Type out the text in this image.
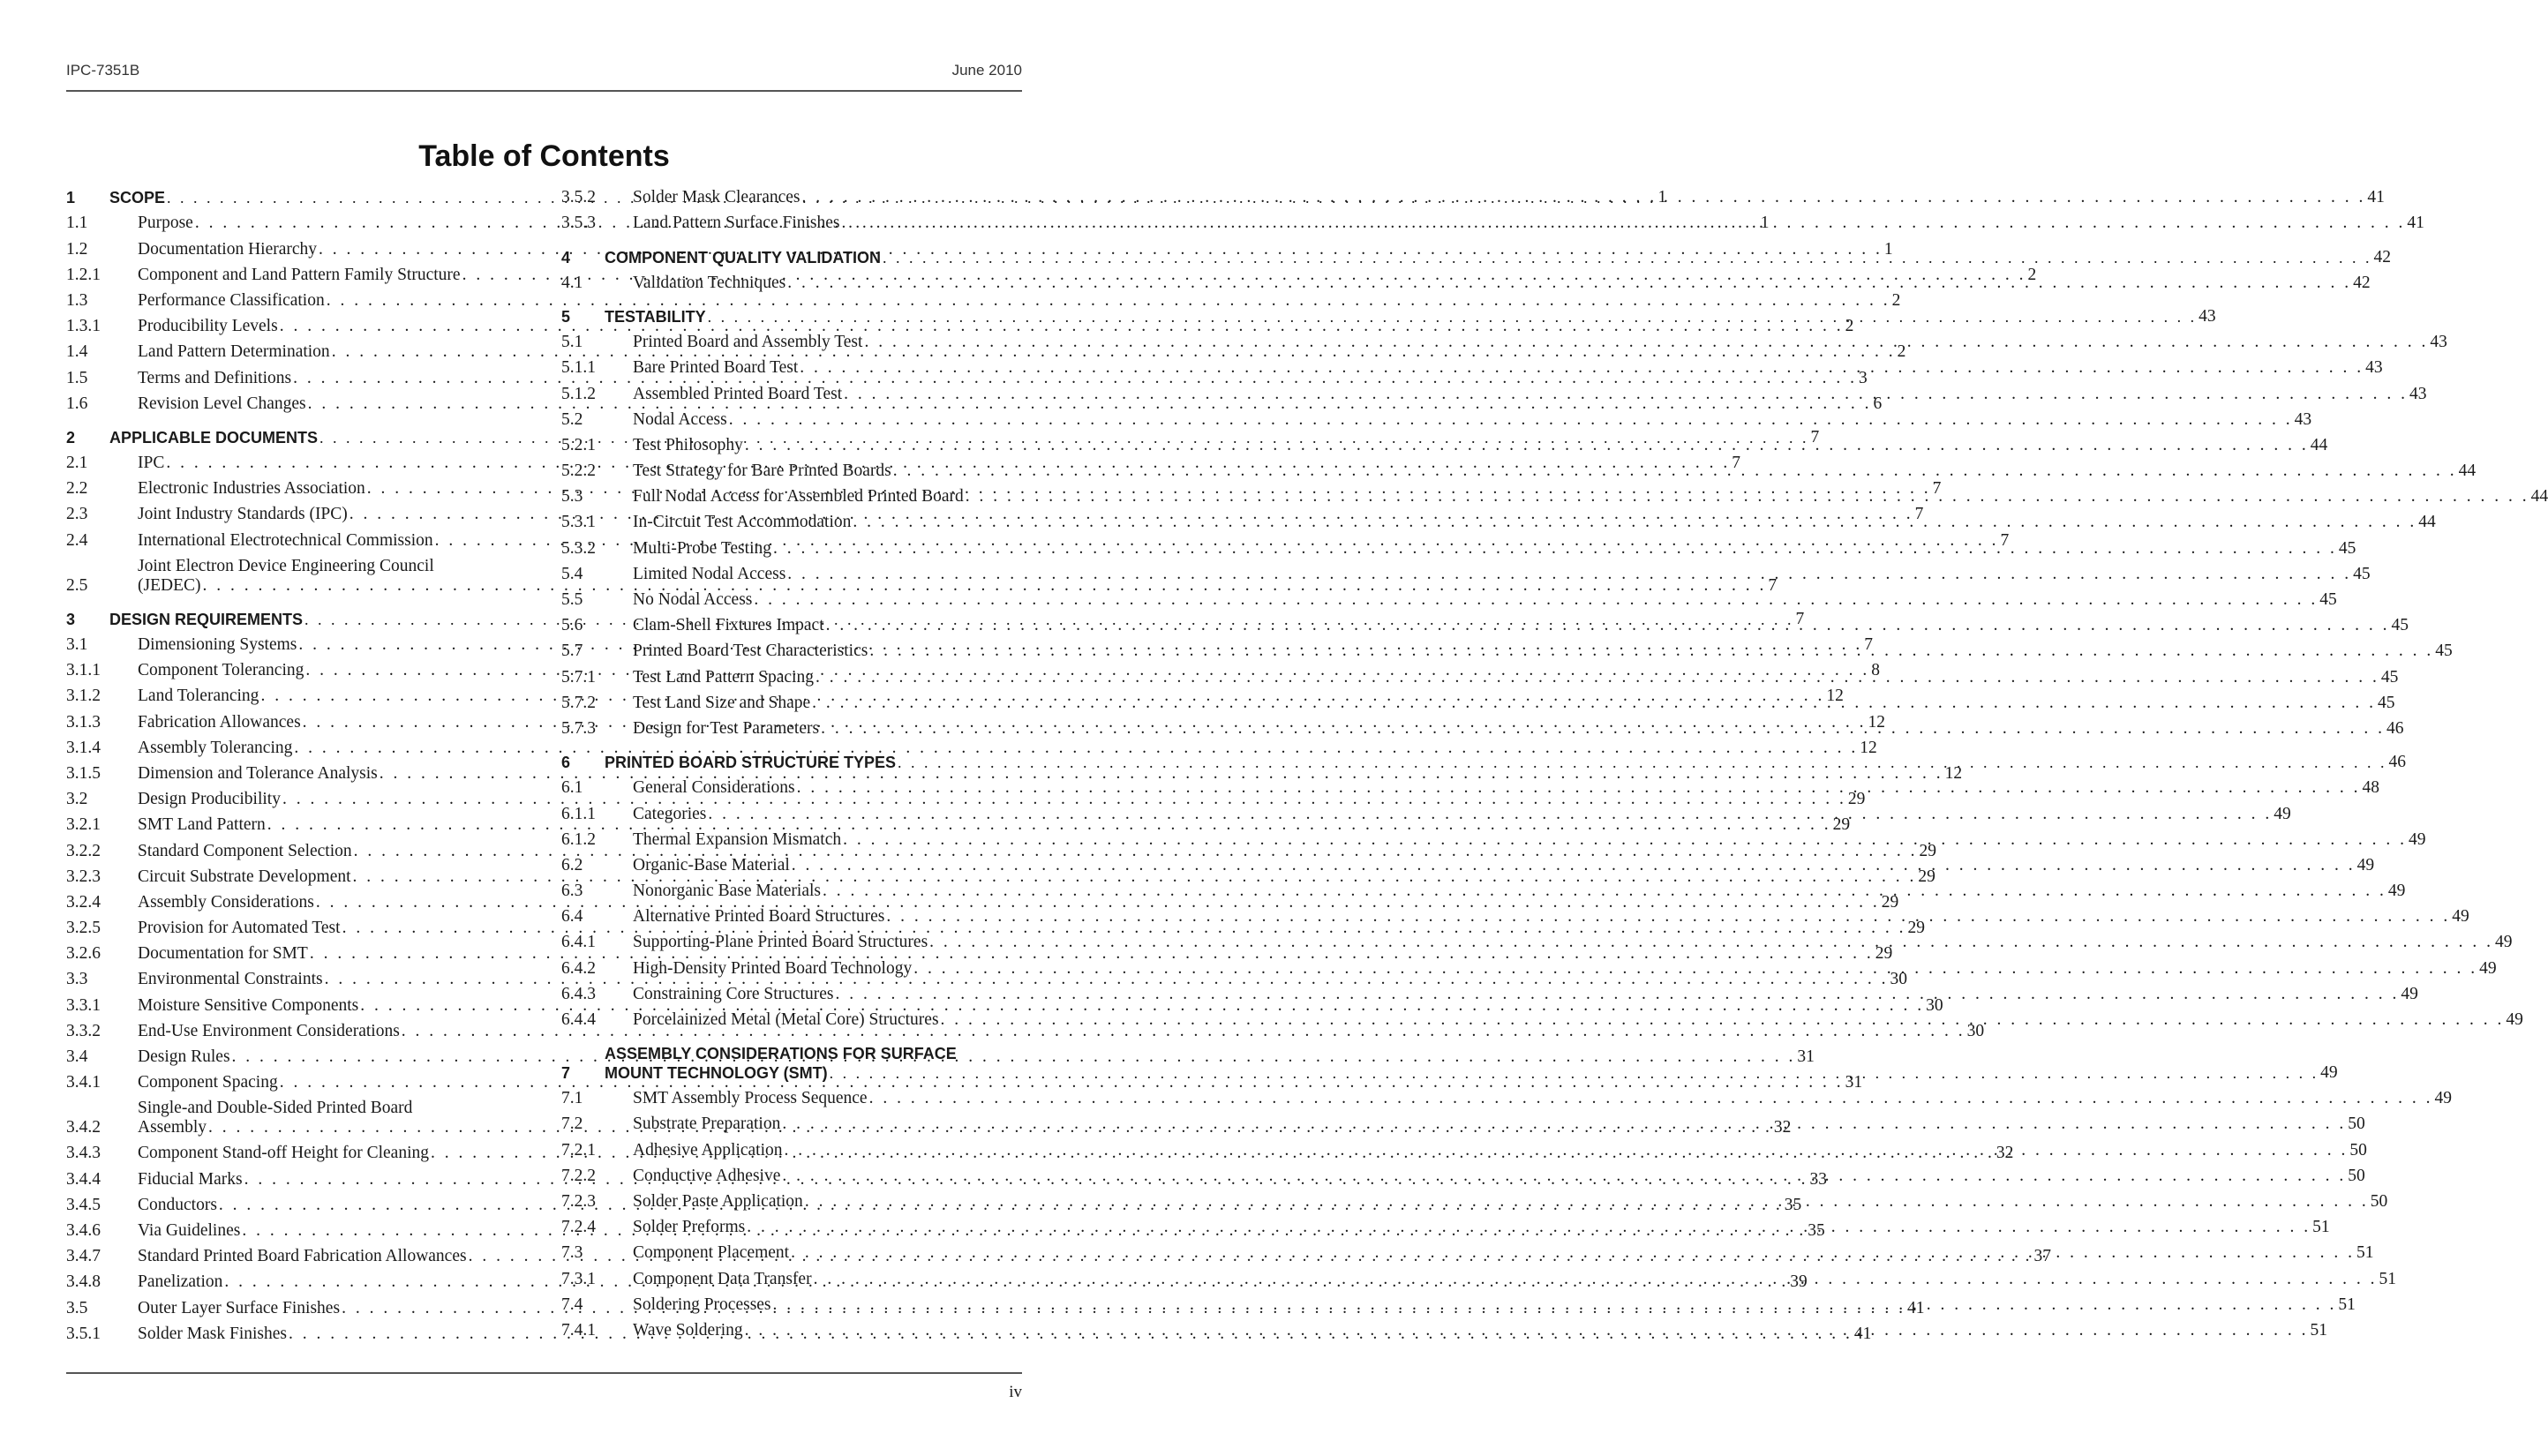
IPC-7351B	June 2010
Table of Contents
1	SCOPE . . .	1
1.1	Purpose . . .	1
1.2	Documentation Hierarchy . . .	1
1.2.1	Component and Land Pattern Family Structure . . .	2
1.3	Performance Classification . . .	2
1.3.1	Producibility Levels . . .	2
1.4	Land Pattern Determination . . .	2
1.5	Terms and Definitions . . .	3
1.6	Revision Level Changes . . .	6
2	APPLICABLE DOCUMENTS . . .	7
2.1	IPC . . .	7
2.2	Electronic Industries Association . . .	7
2.3	Joint Industry Standards (IPC) . . .	7
2.4	International Electrotechnical Commission . . .	7
2.5
Joint Electron Device Engineering Council
(JEDEC) . . .	7
3	DESIGN REQUIREMENTS . . .	7
3.1	Dimensioning Systems . . .	7
3.1.1	Component Tolerancing . . .	8
3.1.2	Land Tolerancing . . .	12
3.1.3	Fabrication Allowances . . .	12
3.1.4	Assembly Tolerancing . . .	12
3.1.5	Dimension and Tolerance Analysis . . .	12
3.2	Design Producibility . . .	29
3.2.1	SMT Land Pattern . . .	29
3.2.2	Standard Component Selection . . .	29
3.2.3	Circuit Substrate Development . . .	29
3.2.4	Assembly Considerations . . .	29
3.2.5	Provision for Automated Test . . .	29
3.2.6	Documentation for SMT . . .	29
3.3	Environmental Constraints . . .	30
3.3.1	Moisture Sensitive Components . . .	30
3.3.2	End-Use Environment Considerations . . .	30
3.4	Design Rules . . .	31
3.4.1	Component Spacing . . .	31
3.4.2
Single-and Double-Sided Printed Board
Assembly . . .	32
3.4.3	Component Stand-off Height for Cleaning . . .	32
3.4.4	Fiducial Marks . . .	33
3.4.5	Conductors . . .	35
3.4.6	Via Guidelines . . .	35
3.4.7	Standard Printed Board Fabrication Allowances . . .	37
3.4.8	Panelization . . .	39
3.5	Outer Layer Surface Finishes . . .	41
3.5.1	Solder Mask Finishes . . .	41
3.5.2	Solder Mask Clearances . . .	41
3.5.3	Land Pattern Surface Finishes . . .	41
4	COMPONENT QUALITY VALIDATION . . .	42
4.1	Validation Techniques . . .	42
5	TESTABILITY . . .	43
5.1	Printed Board and Assembly Test . . .	43
5.1.1	Bare Printed Board Test . . .	43
5.1.2	Assembled Printed Board Test . . .	43
5.2	Nodal Access . . .	43
5.2.1	Test Philosophy . . .	44
5.2.2	Test Strategy for Bare Printed Boards . . .	44
5.3	Full Nodal Access for Assembled Printed Board . . .	44
5.3.1	In-Circuit Test Accommodation . . .	44
5.3.2	Multi-Probe Testing . . .	45
5.4	Limited Nodal Access . . .	45
5.5	No Nodal Access . . .	45
5.6	Clam-Shell Fixtures Impact . . .	45
5.7	Printed Board Test Characteristics . . .	45
5.7.1	Test Land Pattern Spacing . . .	45
5.7.2	Test Land Size and Shape . . .	45
5.7.3	Design for Test Parameters . . .	46
6	PRINTED BOARD STRUCTURE TYPES . . .	46
6.1	General Considerations . . .	48
6.1.1	Categories . . .	49
6.1.2	Thermal Expansion Mismatch . . .	49
6.2	Organic-Base Material . . .	49
6.3	Nonorganic Base Materials . . .	49
6.4	Alternative Printed Board Structures . . .	49
6.4.1	Supporting-Plane Printed Board Structures . . .	49
6.4.2	High-Density Printed Board Technology . . .	49
6.4.3	Constraining Core Structures . . .	49
6.4.4	Porcelainized Metal (Metal Core) Structures . . .	49
7
ASSEMBLY CONSIDERATIONS FOR SURFACE
MOUNT TECHNOLOGY (SMT) . . .	49
7.1	SMT Assembly Process Sequence . . .	49
7.2	Substrate Preparation . . .	50
7.2.1	Adhesive Application . . .	50
7.2.2	Conductive Adhesive . . .	50
7.2.3	Solder Paste Application . . .	50
7.2.4	Solder Preforms . . .	51
7.3	Component Placement . . .	51
7.3.1	Component Data Transfer . . .	51
7.4	Soldering Processes . . .	51
7.4.1	Wave Soldering . . .	51
iv
